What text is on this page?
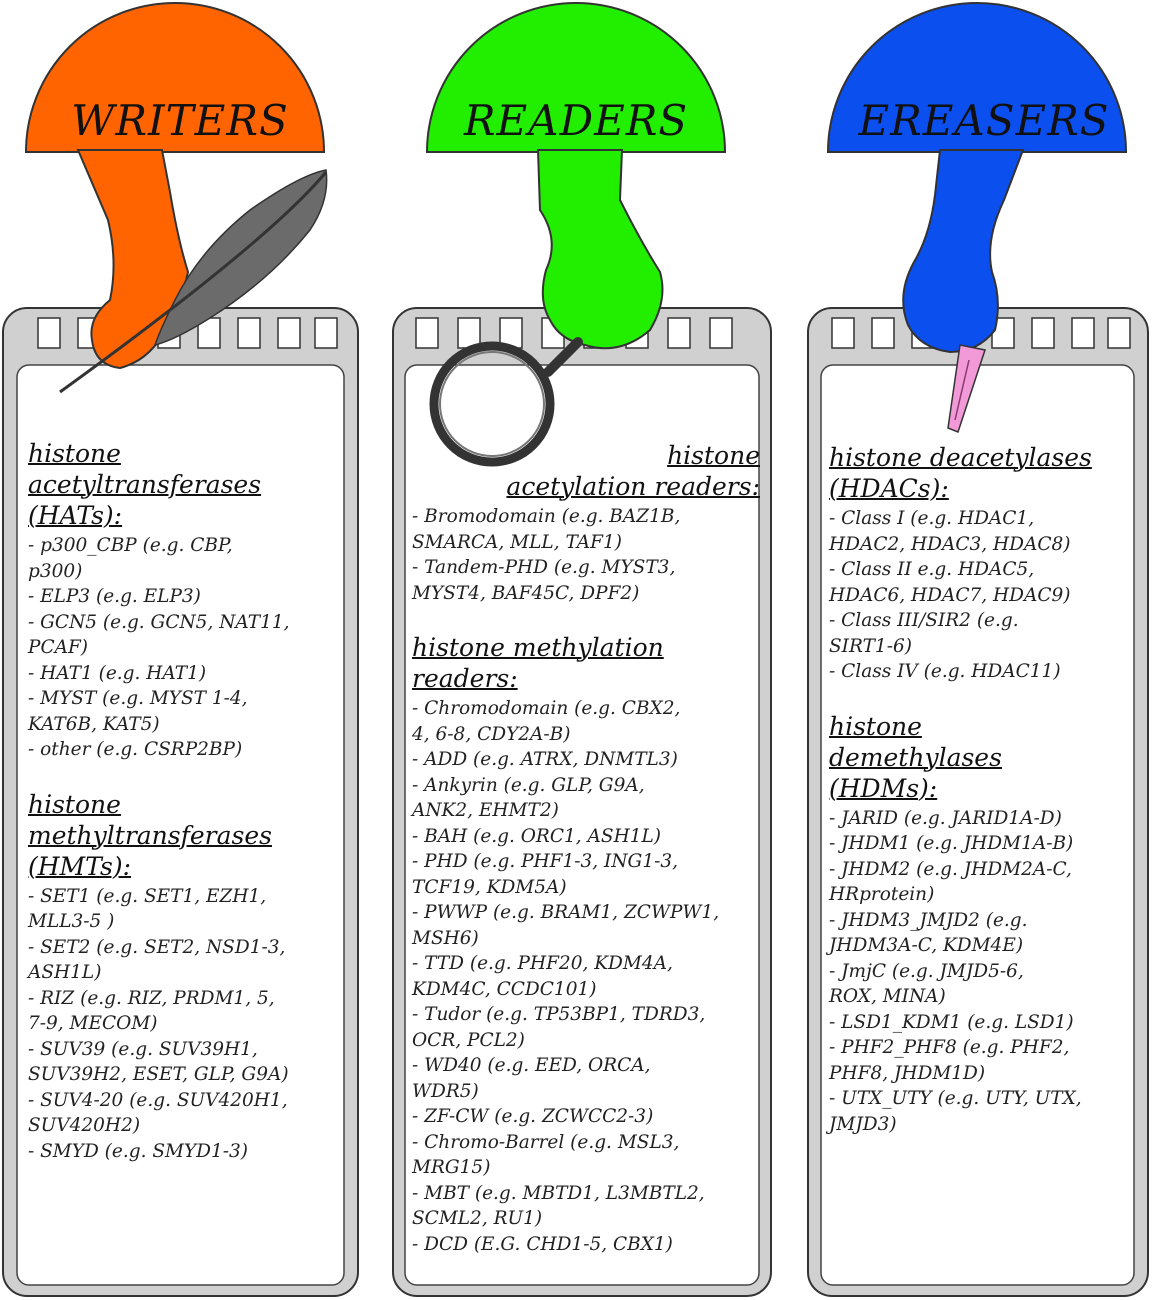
WRITERS	READERS	EREASERS
histone
acetyltransferases
(HATs):
- p300_CBP (e.g. CBP,
p300)
- ELP3 (e.g. ELP3)
- GCN5 (e.g. GCN5, NAT11,
PCAF)
- HAT1 (e.g. HAT1)
- MYST (e.g. MYST 1-4,
KAT6B, KAT5)
- other (e.g. CSRP2BP)
histone
methyltransferases
(HMTs):
- SET1 (e.g. SET1, EZH1,
MLL3-5 )
- SET2 (e.g. SET2, NSD1-3,
ASH1L)
- RIZ (e.g. RIZ, PRDM1, 5,
7-9, MECOM)
- SUV39 (e.g. SUV39H1,
SUV39H2, ESET, GLP, G9A)
- SUV4-20 (e.g. SUV420H1,
SUV420H2)
- SMYD (e.g. SMYD1-3)
histone
acetylation readers:
- Bromodomain (e.g. BAZ1B,
SMARCA, MLL, TAF1)
- Tandem-PHD (e.g. MYST3,
MYST4, BAF45C, DPF2)
histone methylation
readers:
- Chromodomain (e.g. CBX2,
4, 6-8, CDY2A-B)
- ADD (e.g. ATRX, DNMTL3)
- Ankyrin (e.g. GLP, G9A,
ANK2, EHMT2)
- BAH (e.g. ORC1, ASH1L)
- PHD (e.g. PHF1-3, ING1-3,
TCF19, KDM5A)
- PWWP (e.g. BRAM1, ZCWPW1,
MSH6)
- TTD (e.g. PHF20, KDM4A,
KDM4C, CCDC101)
- Tudor (e.g. TP53BP1, TDRD3,
OCR, PCL2)
- WD40 (e.g. EED, ORCA,
WDR5)
- ZF-CW (e.g. ZCWCC2-3)
- Chromo-Barrel (e.g. MSL3,
MRG15)
- MBT (e.g. MBTD1, L3MBTL2,
SCML2, RU1)
- DCD (E.G. CHD1-5, CBX1)
histone deacetylases
(HDACs):
- Class I (e.g. HDAC1,
HDAC2, HDAC3, HDAC8)
- Class II e.g. HDAC5,
HDAC6, HDAC7, HDAC9)
- Class III/SIR2 (e.g.
SIRT1-6)
- Class IV (e.g. HDAC11)
histone
demethylases
(HDMs):
- JARID (e.g. JARID1A-D)
- JHDM1 (e.g. JHDM1A-B)
- JHDM2 (e.g. JHDM2A-C,
HRprotein)
- JHDM3_JMJD2 (e.g.
JHDM3A-C, KDM4E)
- JmjC (e.g. JMJD5-6,
ROX, MINA)
- LSD1_KDM1 (e.g. LSD1)
- PHF2_PHF8 (e.g. PHF2,
PHF8, JHDM1D)
- UTX_UTY (e.g. UTY, UTX,
JMJD3)
